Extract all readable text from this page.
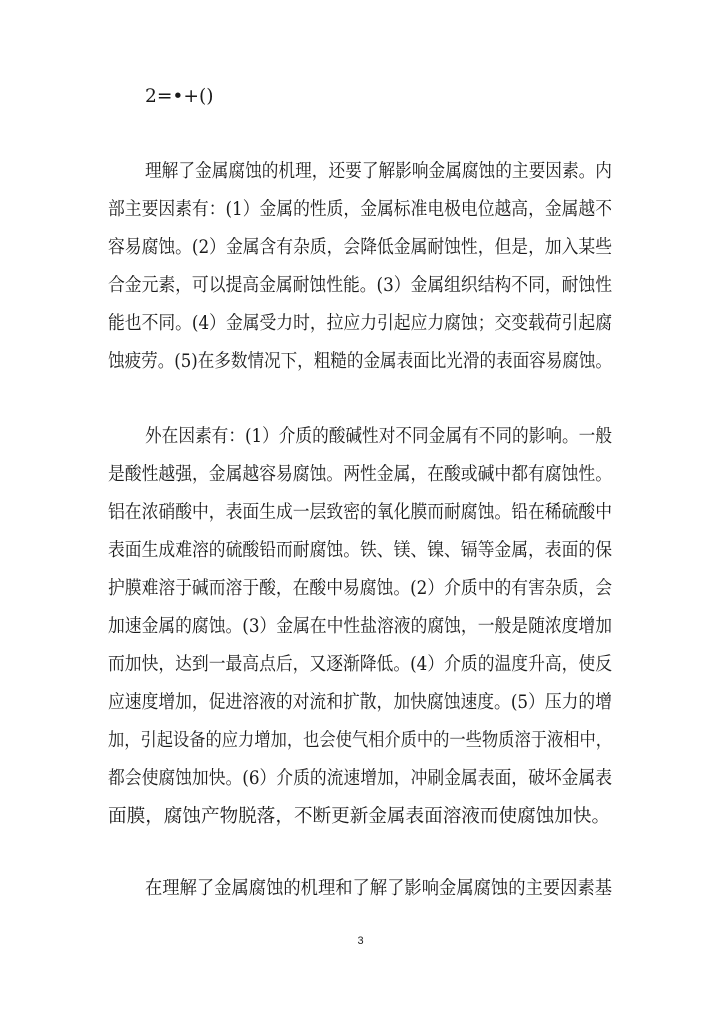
2=•+()
理解了金属腐蚀的机理，还要了解影响金属腐蚀的主要因素。内
部主要因素有：(1）金属的性质，金属标准电极电位越高，金属越不
容易腐蚀。(2）金属含有杂质，会降低金属耐蚀性，但是，加入某些
合金元素，可以提高金属耐蚀性能。(3）金属组织结构不同，耐蚀性
能也不同。(4）金属受力时，拉应力引起应力腐蚀；交变载荷引起腐
蚀疲劳。(5)在多数情况下，粗糙的金属表面比光滑的表面容易腐蚀。
外在因素有：(1）介质的酸碱性对不同金属有不同的影响。一般
是酸性越强，金属越容易腐蚀。两性金属，在酸或碱中都有腐蚀性。
铝在浓硝酸中，表面生成一层致密的氧化膜而耐腐蚀。铅在稀硫酸中
表面生成难溶的硫酸铅而耐腐蚀。铁、镁、镍、镉等金属，表面的保
护膜难溶于碱而溶于酸，在酸中易腐蚀。(2）介质中的有害杂质，会
加速金属的腐蚀。(3）金属在中性盐溶液的腐蚀，一般是随浓度增加
而加快，达到一最高点后，又逐渐降低。(4）介质的温度升高，使反
应速度增加，促进溶液的对流和扩散，加快腐蚀速度。(5）压力的增
加，引起设备的应力增加，也会使气相介质中的一些物质溶于液相中，
都会使腐蚀加快。(6）介质的流速增加，冲刷金属表面，破坏金属表
面膜，腐蚀产物脱落，不断更新金属表面溶液而使腐蚀加快。
在理解了金属腐蚀的机理和了解了影响金属腐蚀的主要因素基
3
